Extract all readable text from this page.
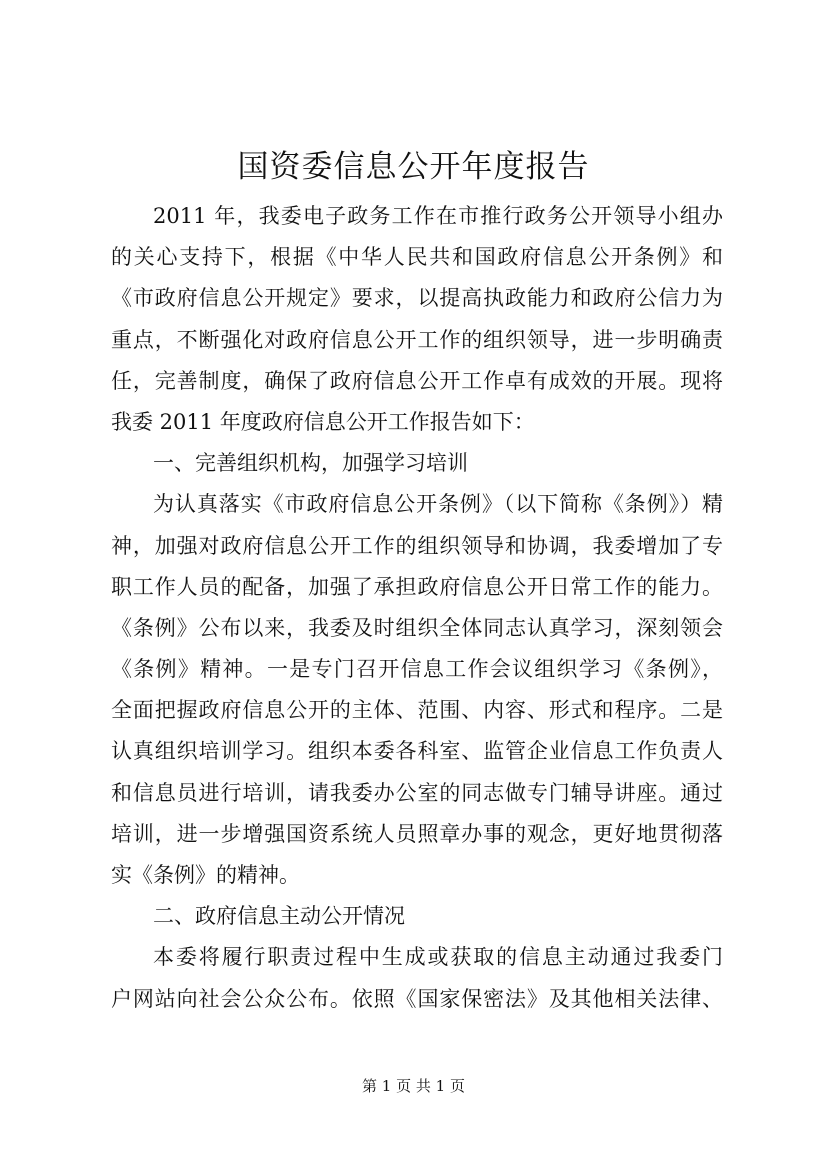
国资委信息公开年度报告
2011 年，我委电子政务工作在市推行政务公开领导小组办
的关心支持下，根据《中华人民共和国政府信息公开条例》和
《市政府信息公开规定》要求，以提高执政能力和政府公信力为
重点，不断强化对政府信息公开工作的组织领导，进一步明确责
任，完善制度，确保了政府信息公开工作卓有成效的开展。现将
我委 2011 年度政府信息公开工作报告如下：
一、完善组织机构，加强学习培训
为认真落实《市政府信息公开条例》（以下简称《条例》）精
神，加强对政府信息公开工作的组织领导和协调，我委增加了专
职工作人员的配备，加强了承担政府信息公开日常工作的能力。
《条例》公布以来，我委及时组织全体同志认真学习，深刻领会
《条例》精神。一是专门召开信息工作会议组织学习《条例》，
全面把握政府信息公开的主体、范围、内容、形式和程序。二是
认真组织培训学习。组织本委各科室、监管企业信息工作负责人
和信息员进行培训，请我委办公室的同志做专门辅导讲座。通过
培训，进一步增强国资系统人员照章办事的观念，更好地贯彻落
实《条例》的精神。
二、政府信息主动公开情况
本委将履行职责过程中生成或获取的信息主动通过我委门
户网站向社会公众公布。依照《国家保密法》及其他相关法律、
第 1 页 共 1 页
